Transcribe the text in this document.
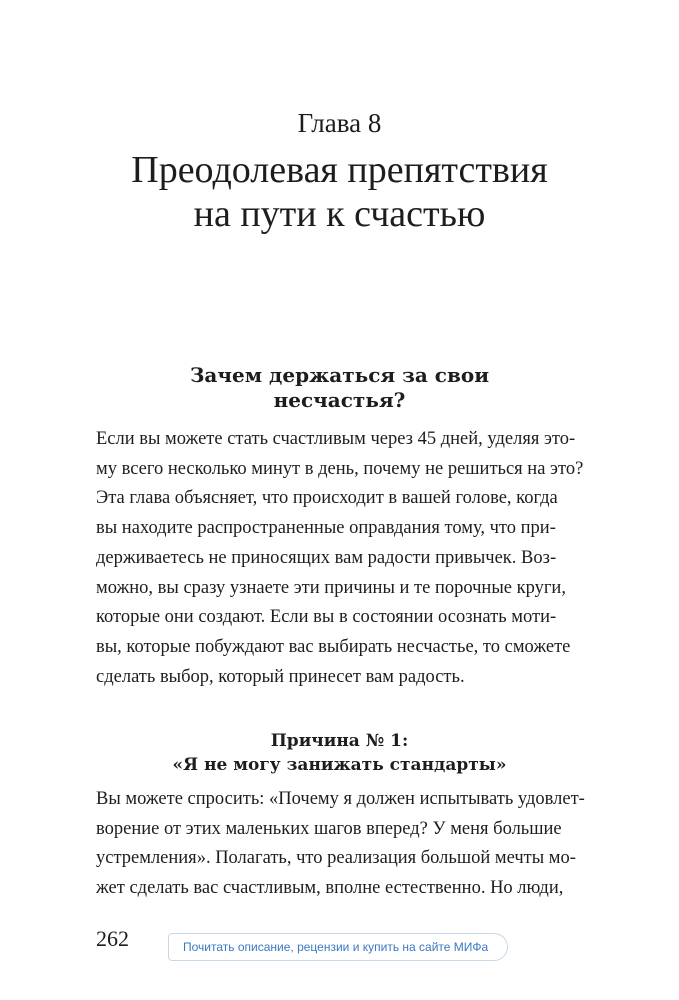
Глава 8
Преодолевая препятствия
на пути к счастью
Зачем держаться за свои
несчастья?
Если вы можете стать счастливым через 45 дней, уделяя это-
му всего несколько минут в день, почему не решиться на это?
Эта глава объясняет, что происходит в вашей голове, когда
вы находите распространенные оправдания тому, что при-
держиваетесь не приносящих вам радости привычек. Воз-
можно, вы сразу узнаете эти причины и те порочные круги,
которые они создают. Если вы в состоянии осознать моти-
вы, которые побуждают вас выбирать несчастье, то сможете
сделать выбор, который принесет вам радость.
Причина № 1:
«Я не могу занижать стандарты»
Вы можете спросить: «Почему я должен испытывать удовлет-
ворение от этих маленьких шагов вперед? У меня большие
устремления». Полагать, что реализация большой мечты мо-
жет сделать вас счастливым, вполне естественно. Но люди,
262	Почитать описание, рецензии и купить на сайте МИФа
